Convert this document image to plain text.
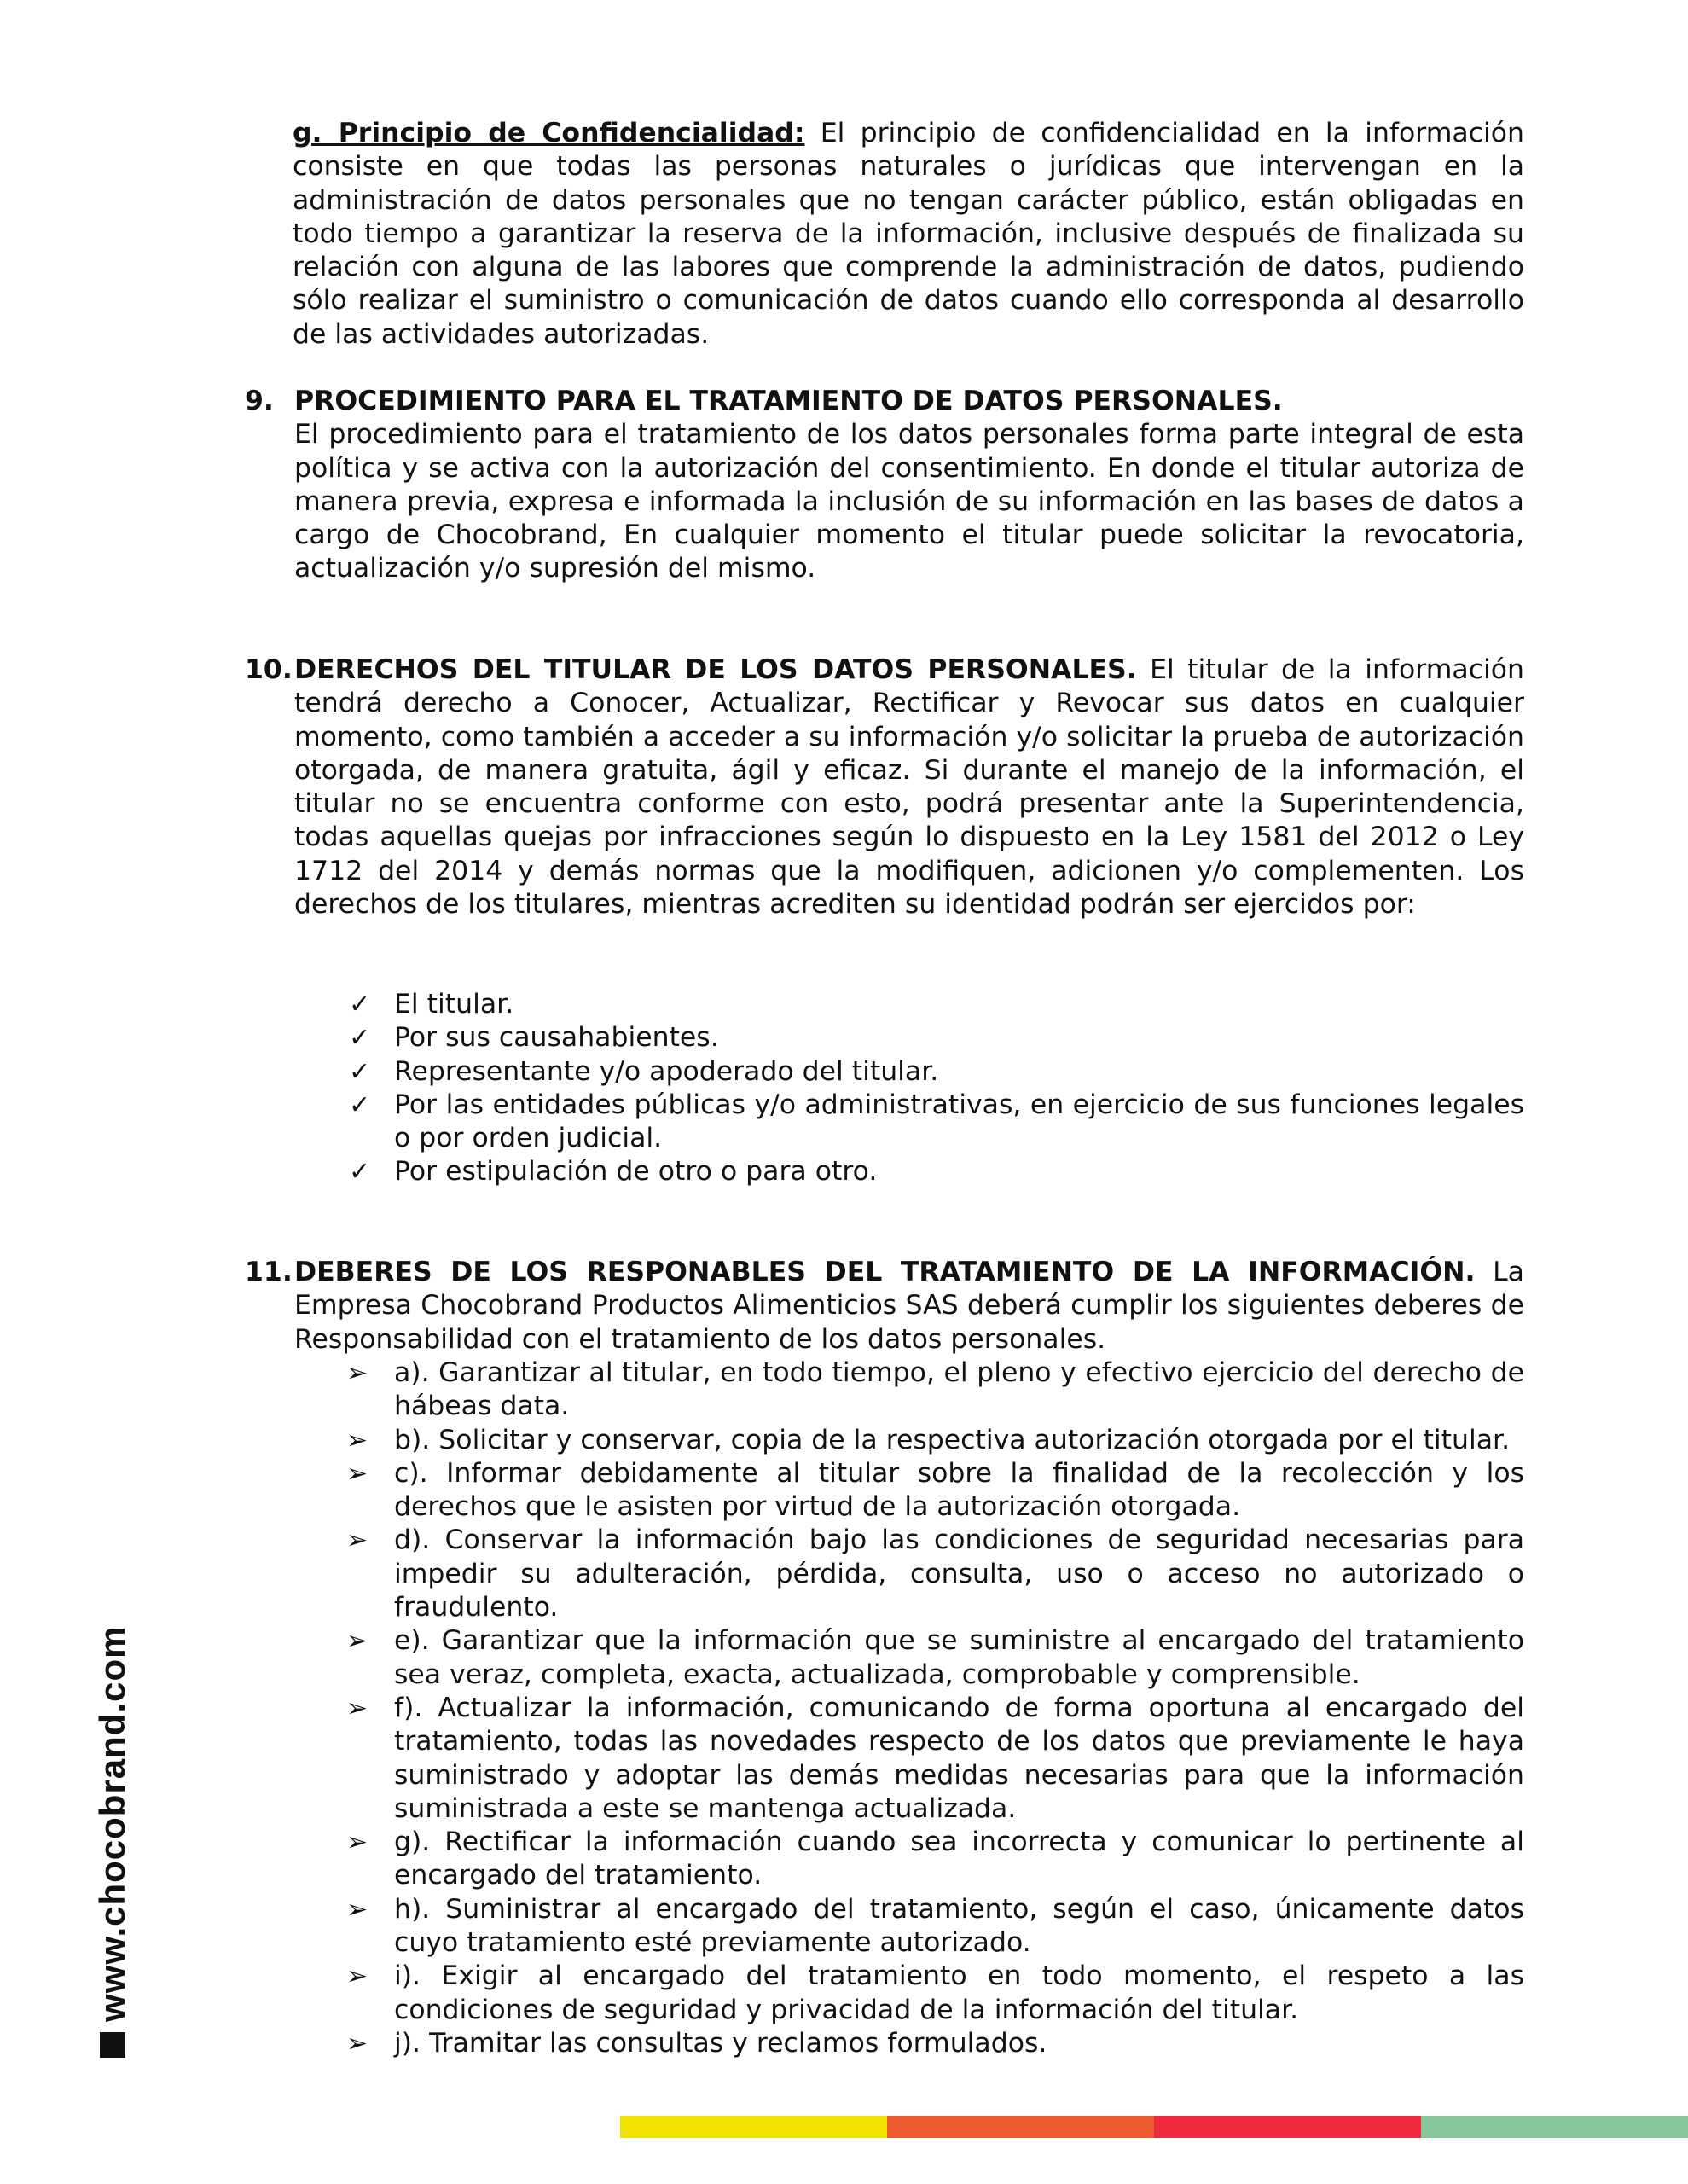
g. Principio de Confidencialidad: El principio de confidencialidad en la información consiste en que todas las personas naturales o jurídicas que intervengan en la administración de datos personales que no tengan carácter público, están obligadas en todo tiempo a garantizar la reserva de la información, inclusive después de finalizada su relación con alguna de las labores que comprende la administración de datos, pudiendo sólo realizar el suministro o comunicación de datos cuando ello corresponda al desarrollo de las actividades autorizadas.

9. PROCEDIMIENTO PARA EL TRATAMIENTO DE DATOS PERSONALES.

El procedimiento para el tratamiento de los datos personales forma parte integral de esta política y se activa con la autorización del consentimiento. En donde el titular autoriza de manera previa, expresa e informada la inclusión de su información en las bases de datos a cargo de Chocobrand, En cualquier momento el titular puede solicitar la revocatoria, actualización y/o supresión del mismo.

10. DERECHOS DEL TITULAR DE LOS DATOS PERSONALES. El titular de la información tendrá derecho a Conocer, Actualizar, Rectificar y Revocar sus datos en cualquier momento, como también a acceder a su información y/o solicitar la prueba de autorización otorgada, de manera gratuita, ágil y eficaz. Si durante el manejo de la información, el titular no se encuentra conforme con esto, podrá presentar ante la Superintendencia, todas aquellas quejas por infracciones según lo dispuesto en la Ley 1581 del 2012 o Ley 1712 del 2014 y demás normas que la modifiquen, adicionen y/o complementen. Los derechos de los titulares, mientras acrediten su identidad podrán ser ejercidos por:

✓ El titular.
✓ Por sus causahabientes.
✓ Representante y/o apoderado del titular.
✓ Por las entidades públicas y/o administrativas, en ejercicio de sus funciones legales o por orden judicial.
✓ Por estipulación de otro o para otro.
11. DEBERES DE LOS RESPONABLES DEL TRATAMIENTO DE LA INFORMACIÓN. La Empresa Chocobrand Productos Alimenticios SAS deberá cumplir los siguientes deberes de Responsabilidad con el tratamiento de los datos personales.

➢ a). Garantizar al titular, en todo tiempo, el pleno y efectivo ejercicio del derecho de hábeas data.
➢ b). Solicitar y conservar, copia de la respectiva autorización otorgada por el titular.
➢ c). Informar debidamente al titular sobre la finalidad de la recolección y los derechos que le asisten por virtud de la autorización otorgada.
➢ d). Conservar la información bajo las condiciones de seguridad necesarias para impedir su adulteración, pérdida, consulta, uso o acceso no autorizado o fraudulento.
➢ e). Garantizar que la información que se suministre al encargado del tratamiento sea veraz, completa, exacta, actualizada, comprobable y comprensible.
➢ f). Actualizar la información, comunicando de forma oportuna al encargado del tratamiento, todas las novedades respecto de los datos que previamente le haya suministrado y adoptar las demás medidas necesarias para que la información suministrada a este se mantenga actualizada.
➢ g). Rectificar la información cuando sea incorrecta y comunicar lo pertinente al encargado del tratamiento.
➢ h). Suministrar al encargado del tratamiento, según el caso, únicamente datos cuyo tratamiento esté previamente autorizado.
➢ i). Exigir al encargado del tratamiento en todo momento, el respeto a las condiciones de seguridad y privacidad de la información del titular.
➢ j). Tramitar las consultas y reclamos formulados.
www.chocobrand.com
